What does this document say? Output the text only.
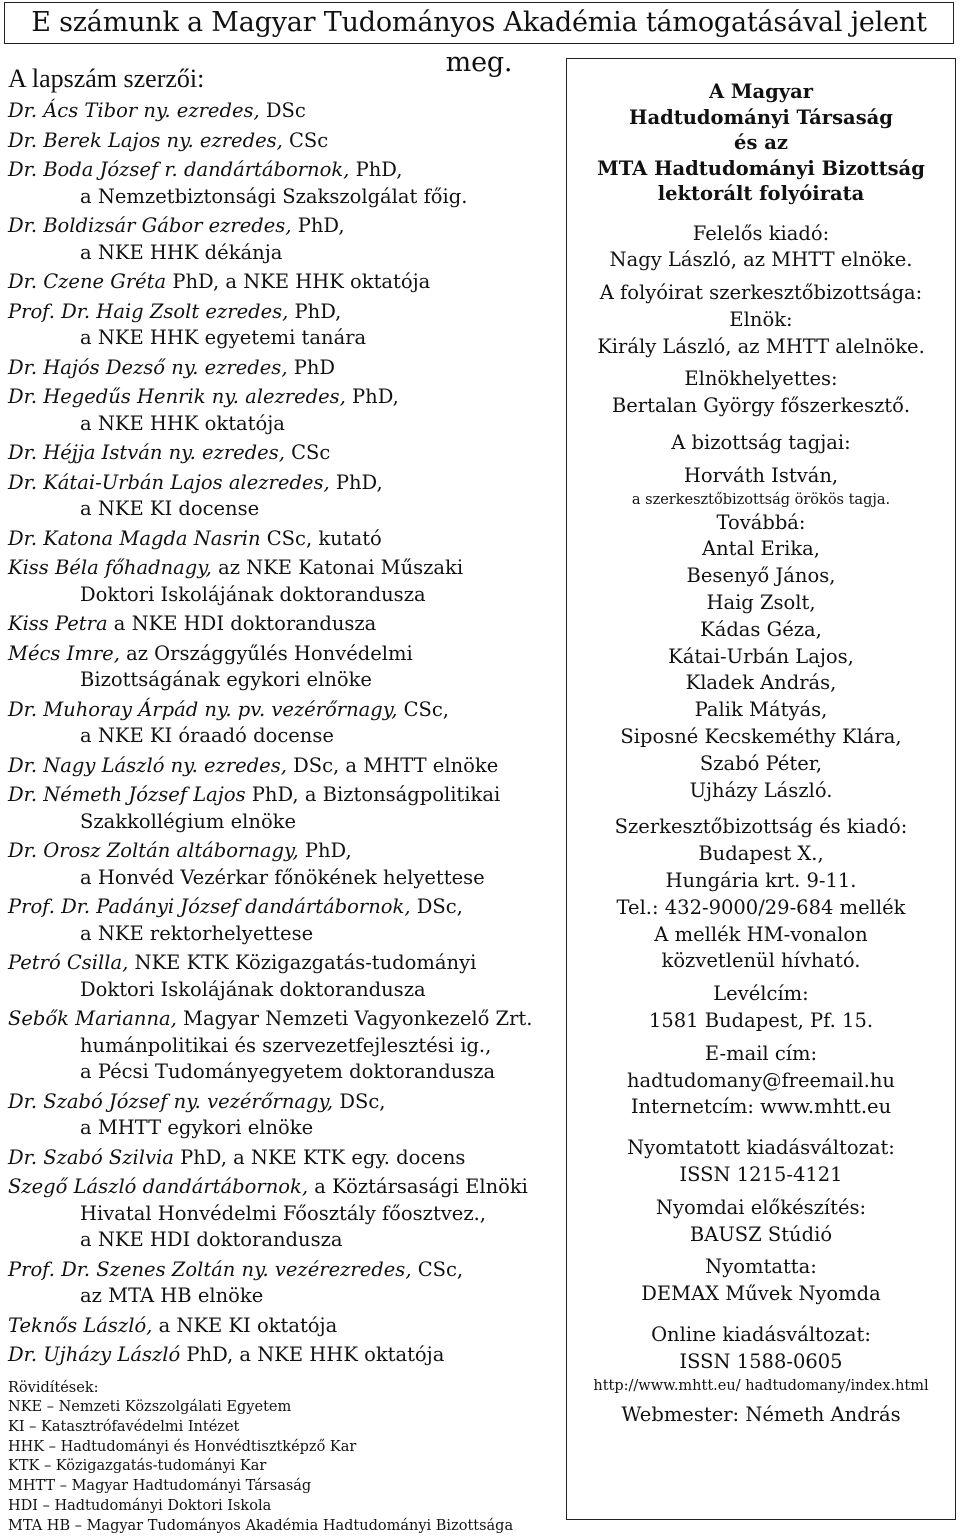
E számunk a Magyar Tudományos Akadémia támogatásával jelent meg.
A lapszám szerzői:
Dr. Ács Tibor ny. ezredes, DSc
Dr. Berek Lajos ny. ezredes, CSc
Dr. Boda József r. dandártábornok, PhD,
a Nemzetbiztonsági Szakszolgálat főig.
Dr. Boldizsár Gábor ezredes, PhD,
a NKE HHK dékánja
Dr. Czene Gréta PhD, a NKE HHK oktatója
Prof. Dr. Haig Zsolt ezredes, PhD,
a NKE HHK egyetemi tanára
Dr. Hajós Dezső ny. ezredes, PhD
Dr. Hegedűs Henrik ny. alezredes, PhD,
a NKE HHK oktatója
Dr. Héjja István ny. ezredes, CSc
Dr. Kátai-Urbán Lajos alezredes, PhD,
a NKE KI docense
Dr. Katona Magda Nasrin CSc, kutató
Kiss Béla főhadnagy, az NKE Katonai Műszaki
Doktori Iskolájának doktorandusza
Kiss Petra a NKE HDI doktorandusza
Mécs Imre, az Országgyűlés Honvédelmi
Bizottságának egykori elnöke
Dr. Muhoray Árpád ny. pv. vezérőrnagy, CSc,
a NKE KI óraadó docense
Dr. Nagy László ny. ezredes, DSc, a MHTT elnöke
Dr. Németh József Lajos PhD, a Biztonságpolitikai
Szakkollégium elnöke
Dr. Orosz Zoltán altábornagy, PhD,
a Honvéd Vezérkar főnökének helyettese
Prof. Dr. Padányi József dandártábornok, DSc,
a NKE rektorhelyettese
Petró Csilla, NKE KTK Közigazgatás-tudományi
Doktori Iskolájának doktorandusza
Sebők Marianna, Magyar Nemzeti Vagyonkezelő Zrt.
humánpolitikai és szervezetfejlesztési ig.,
a Pécsi Tudományegyetem doktorandusza
Dr. Szabó József ny. vezérőrnagy, DSc,
a MHTT egykori elnöke
Dr. Szabó Szilvia PhD, a NKE KTK egy. docens
Szegő László dandártábornok, a Köztársasági Elnöki
Hivatal Honvédelmi Főosztály főosztvez.,
a NKE HDI doktorandusza
Prof. Dr. Szenes Zoltán ny. vezérezredes, CSc,
az MTA HB elnöke
Teknős László, a NKE KI oktatója
Dr. Ujházy László PhD, a NKE HHK oktatója
Rövidítések:
NKE – Nemzeti Közszolgálati Egyetem
KI – Katasztrófavédelmi Intézet
HHK – Hadtudományi és Honvédtisztképző Kar
KTK – Közigazgatás-tudományi Kar
MHTT – Magyar Hadtudományi Társaság
HDI – Hadtudományi Doktori Iskola
MTA HB – Magyar Tudományos Akadémia Hadtudományi Bizottsága
A Magyar
Hadtudományi Társaság
és az
MTA Hadtudományi Bizottság
lektorált folyóirata
Felelős kiadó:
Nagy László, az MHTT elnöke.
A folyóirat szerkesztőbizottsága:
Elnök:
Király László, az MHTT alelnöke.
Elnökhelyettes:
Bertalan György főszerkesztő.
A bizottság tagjai:
Horváth István,
a szerkesztőbizottság örökös tagja.
Továbbá:
Antal Erika,
Besenyő János,
Haig Zsolt,
Kádas Géza,
Kátai-Urbán Lajos,
Kladek András,
Palik Mátyás,
Siposné Kecskeméthy Klára,
Szabó Péter,
Ujházy László.
Szerkesztőbizottság és kiadó:
Budapest X.,
Hungária krt. 9-11.
Tel.: 432-9000/29-684 mellék
A mellék HM-vonalon
közvetlenül hívható.
Levélcím:
1581 Budapest, Pf. 15.
E-mail cím:
hadtudomany@freemail.hu
Internetcím: www.mhtt.eu
Nyomtatott kiadásváltozat:
ISSN 1215-4121
Nyomdai előkészítés:
BAUSZ Stúdió
Nyomtatta:
DEMAX Művek Nyomda
Online kiadásváltozat:
ISSN 1588-0605
http://www.mhtt.eu/ hadtudomany/index.html
Webmester: Németh András
